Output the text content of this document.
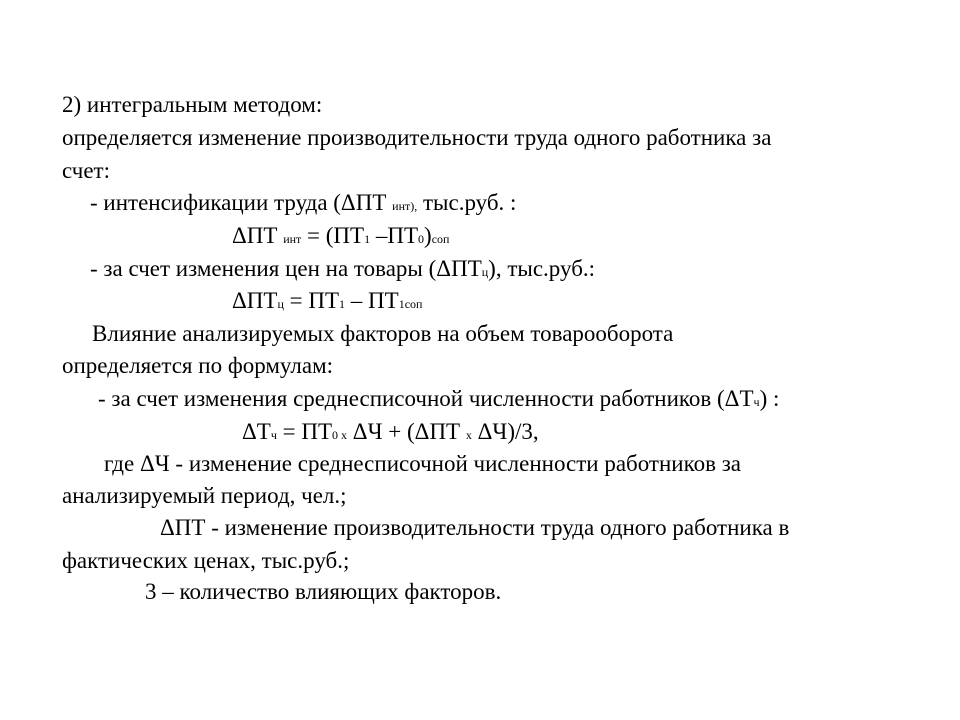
2) интегральным методом:
определяется изменение производительности труда одного работника за
счет:
- интенсификации труда (ΔПТ инт), тыс.руб. :
ΔПТ инт = (ПТ1 –ПТ0)соп
- за счет изменения цен на товары (ΔПТц), тыс.руб.:
ΔПТц = ПТ1 – ПТ1соп
Влияние анализируемых факторов на объем товарооборота
определяется по формулам:
- за счет изменения среднесписочной численности работников (ΔТч) :
ΔТч = ПТ0 x ΔЧ + (ΔПТ x ΔЧ)/3,
где ΔЧ - изменение среднесписочной численности работников за
анализируемый период, чел.;
ΔПТ - изменение производительности труда одного работника в
фактических ценах, тыс.руб.;
3 – количество влияющих факторов.
